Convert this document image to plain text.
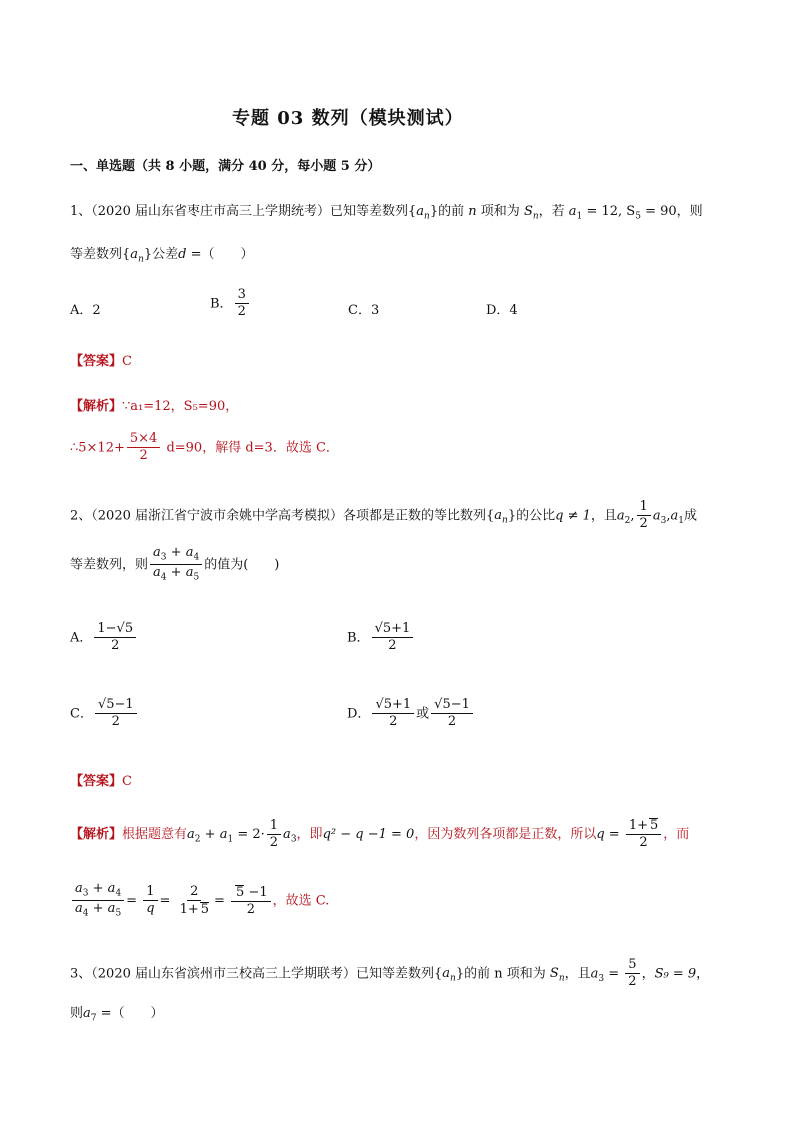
专题 03 数列（模块测试）
一、单选题（共 8 小题，满分 40 分，每小题 5 分）
1、（2020 届山东省枣庄市高三上学期统考）已知等差数列$\{a_n\}$的前 n 项和为 $S_n$，若 $a_1 = 12$, $S_5 = 90$，则
等差数列$\{a_n\}$公差d =（　　）
A．2	B． $\frac{3}{2}$	C．3	D．4
【答案】C
【解析】∵a₁=12，S₅=90，
∴5×12+ $\frac{5\times 4}{2} d=90$，解得 d=3．故选 C．
2、（2020 届浙江省宁波市余姚中学高考模拟）各项都是正数的等比数列$\{a_n\}$的公比q ≠ 1，且$a_2$, $\frac{1}{2} a_3,a_1$成
等差数列，则 $\frac{a_3 + a_4}{a_4 + a_5}$ 的值为(　　)
A． $\frac{1-√5}{2}$	B． $\frac{√5+1}{2}$
C． $\frac{√5-1}{2}$	D． $\frac{√5+1}{2}$ 或 $\frac{√5-1}{2}$
【答案】C
【解析】根据题意有$a_2 + a_1 = 2\cdot \frac{1}{2} a_3$，即q² − q −1 = 0，因为数列各项都是正数，所以$q = \frac{1+ 5}{2}$ ，而
$\frac{a_3 + a_4}{a_4 + a_5} = \frac{1}{q} = \frac{2}{1+ 5} = \frac{5 -1}{2}$ ，故选 C.
3、（2020 届山东省滨州市三校高三上学期联考）已知等差数列$\{a_n\}$的前 n 项和为 $S_n$，且$a_3 = \frac{5}{2}$ ，S₉ = 9，
则$a_7$ =（　　）
